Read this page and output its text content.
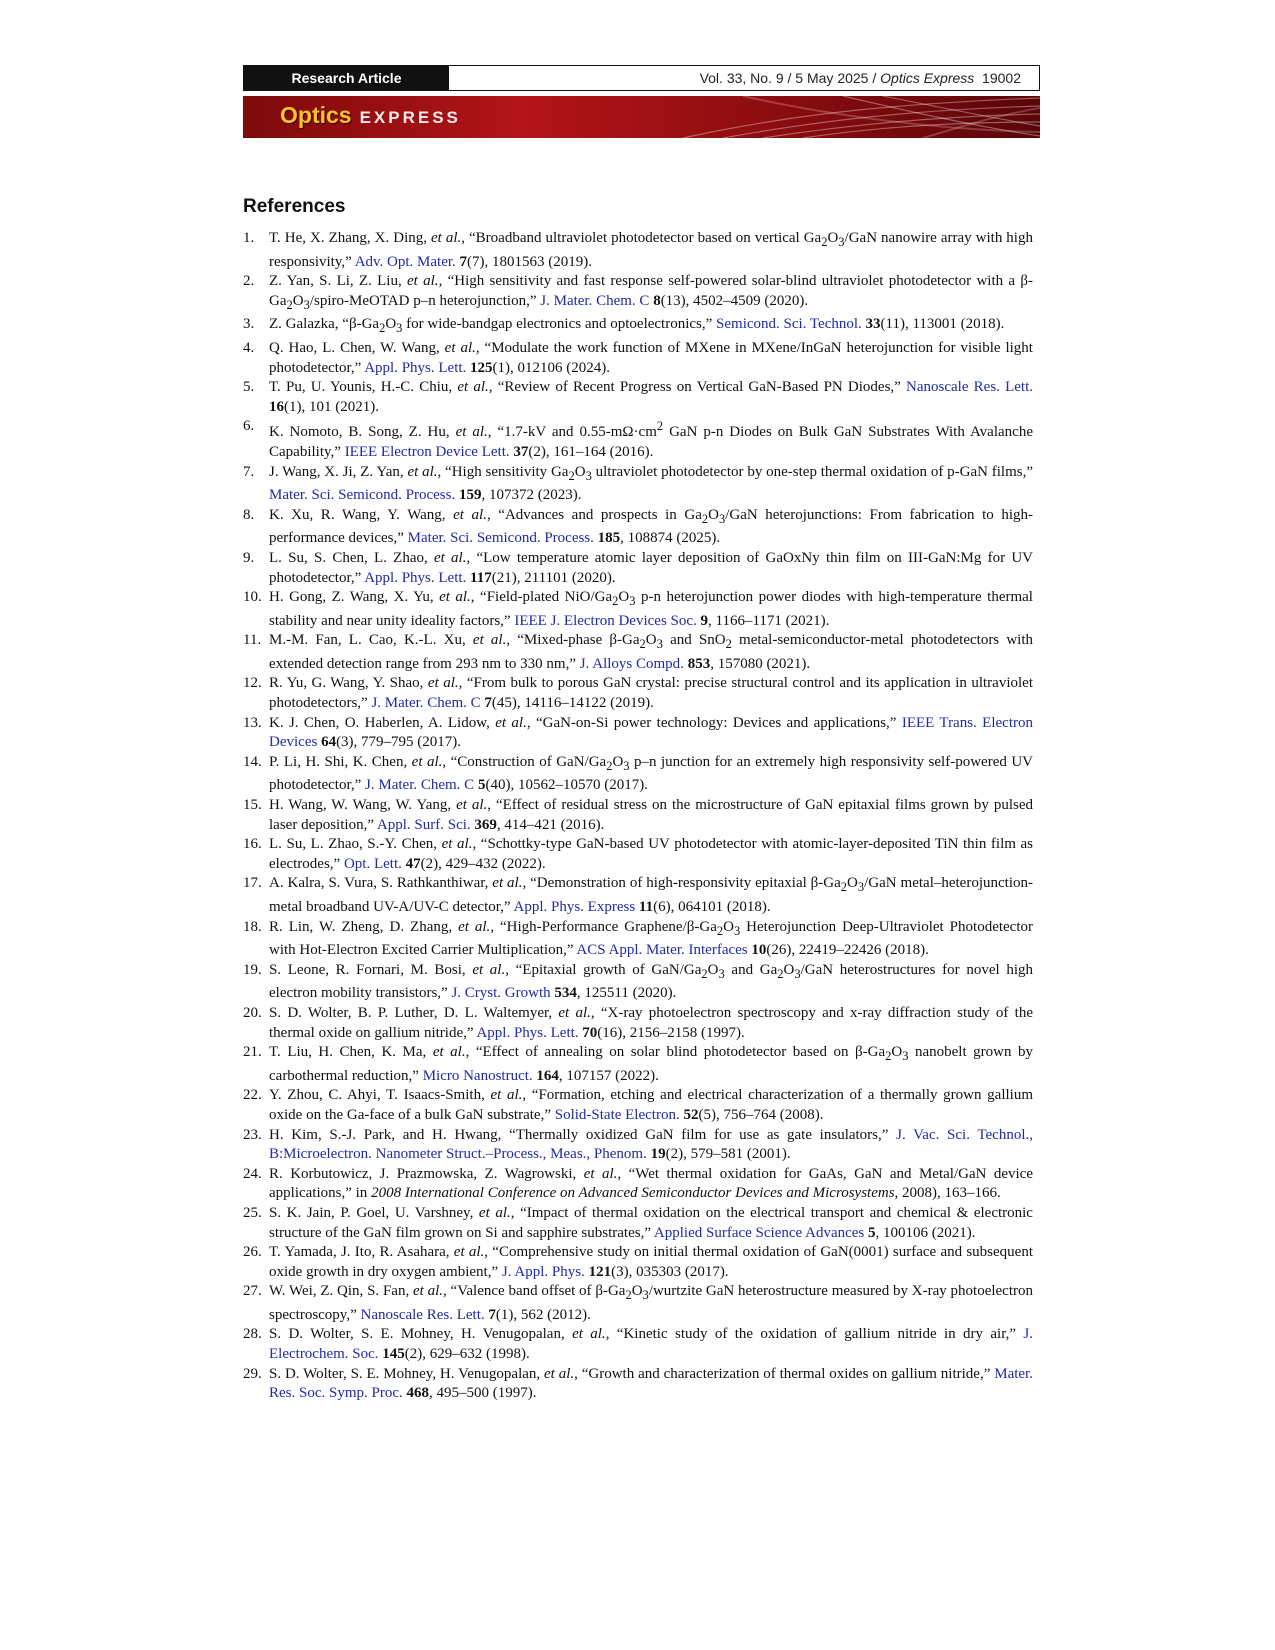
Research Article	Vol. 33, No. 9 / 5 May 2025 / Optics Express 19002
Optics EXPRESS
References
1. T. He, X. Zhang, X. Ding, et al., “Broadband ultraviolet photodetector based on vertical $Ga_2O_3$/GaN nanowire array with high responsivity,” Adv. Opt. Mater. 7(7), 1801563 (2019).
2. Z. Yan, S. Li, Z. Liu, et al., “High sensitivity and fast response self-powered solar-blind ultraviolet photodetector with a $\beta-Ga_2O_3/spiro$-MeOTAD p–n heterojunction,” J. Mater. Chem. C 8(13), 4502–4509 (2020).
3. Z. Galazka, “$\beta-Ga_2O_3$ for wide-bandgap electronics and optoelectronics,” Semicond. Sci. Technol. 33(11), 113001 (2018).
4. Q. Hao, L. Chen, W. Wang, et al., “Modulate the work function of MXene in MXene/InGaN heterojunction for visible light photodetector,” Appl. Phys. Lett. 125(1), 012106 (2024).
5. T. Pu, U. Younis, H.-C. Chiu, et al., “Review of Recent Progress on Vertical GaN-Based PN Diodes,” Nanoscale Res. Lett. 16(1), 101 (2021).
6. K. Nomoto, B. Song, Z. Hu, et al., “1.7-kV and $0.55-m\Omega\cdot cm^2$ GaN p-n Diodes on Bulk GaN Substrates With Avalanche Capability,” IEEE Electron Device Lett. 37(2), 161–164 (2016).
7. J. Wang, X. Ji, Z. Yan, et al., “High sensitivity $Ga_2O_3$ ultraviolet photodetector by one-step thermal oxidation of p-GaN films,” Mater. Sci. Semicond. Process. 159, 107372 (2023).
8. K. Xu, R. Wang, Y. Wang, et al., “Advances and prospects in $Ga_2O_3$/GaN heterojunctions: From fabrication to high-performance devices,” Mater. Sci. Semicond. Process. 185, 108874 (2025).
9. L. Su, S. Chen, L. Zhao, et al., “Low temperature atomic layer deposition of GaOxNy thin film on III-GaN:Mg for UV photodetector,” Appl. Phys. Lett. 117(21), 211101 (2020).
10. H. Gong, Z. Wang, X. Yu, et al., “Field-plated NiO/$Ga_2O_3$ p-n heterojunction power diodes with high-temperature thermal stability and near unity ideality factors,” IEEE J. Electron Devices Soc. 9, 1166–1171 (2021).
11. M.-M. Fan, L. Cao, K.-L. Xu, et al., “Mixed-phase $\beta-Ga_2O_3$ and SnO$_2$ metal-semiconductor-metal photodetectors with extended detection range from 293 nm to 330 nm,” J. Alloys Compd. 853, 157080 (2021).
12. R. Yu, G. Wang, Y. Shao, et al., “From bulk to porous GaN crystal: precise structural control and its application in ultraviolet photodetectors,” J. Mater. Chem. C 7(45), 14116–14122 (2019).
13. K. J. Chen, O. Haberlen, A. Lidow, et al., “GaN-on-Si power technology: Devices and applications,” IEEE Trans. Electron Devices 64(3), 779–795 (2017).
14. P. Li, H. Shi, K. Chen, et al., “Construction of GaN/$Ga_2O_3$ p–n junction for an extremely high responsivity self-powered UV photodetector,” J. Mater. Chem. C 5(40), 10562–10570 (2017).
15. H. Wang, W. Wang, W. Yang, et al., “Effect of residual stress on the microstructure of GaN epitaxial films grown by pulsed laser deposition,” Appl. Surf. Sci. 369, 414–421 (2016).
16. L. Su, L. Zhao, S.-Y. Chen, et al., “Schottky-type GaN-based UV photodetector with atomic-layer-deposited TiN thin film as electrodes,” Opt. Lett. 47(2), 429–432 (2022).
17. A. Kalra, S. Vura, S. Rathkanthiwar, et al., “Demonstration of high-responsivity epitaxial $\beta-Ga_2O_3$/GaN metal–heterojunction-metal broadband UV-A/UV-C detector,” Appl. Phys. Express 11(6), 064101 (2018).
18. R. Lin, W. Zheng, D. Zhang, et al., “High-Performance Graphene/$\beta-Ga_2O_3$ Heterojunction Deep-Ultraviolet Photodetector with Hot-Electron Excited Carrier Multiplication,” ACS Appl. Mater. Interfaces 10(26), 22419–22426 (2018).
19. S. Leone, R. Fornari, M. Bosi, et al., “Epitaxial growth of GaN/$Ga_2O_3$ and $Ga_2O_3$/GaN heterostructures for novel high electron mobility transistors,” J. Cryst. Growth 534, 125511 (2020).
20. S. D. Wolter, B. P. Luther, D. L. Waltemyer, et al., “X-ray photoelectron spectroscopy and x-ray diffraction study of the thermal oxide on gallium nitride,” Appl. Phys. Lett. 70(16), 2156–2158 (1997).
21. T. Liu, H. Chen, K. Ma, et al., “Effect of annealing on solar blind photodetector based on $\beta-Ga_2O_3$ nanobelt grown by carbothermal reduction,” Micro Nanostruct. 164, 107157 (2022).
22. Y. Zhou, C. Ahyi, T. Isaacs-Smith, et al., “Formation, etching and electrical characterization of a thermally grown gallium oxide on the Ga-face of a bulk GaN substrate,” Solid-State Electron. 52(5), 756–764 (2008).
23. H. Kim, S.-J. Park, and H. Hwang, “Thermally oxidized GaN film for use as gate insulators,” J. Vac. Sci. Technol., B:Microelectron. Nanometer Struct.–Process., Meas., Phenom. 19(2), 579–581 (2001).
24. R. Korbutowicz, J. Prazmowska, Z. Wagrowski, et al., “Wet thermal oxidation for GaAs, GaN and Metal/GaN device applications,” in 2008 International Conference on Advanced Semiconductor Devices and Microsystems, 2008), 163–166.
25. S. K. Jain, P. Goel, U. Varshney, et al., “Impact of thermal oxidation on the electrical transport and chemical & electronic structure of the GaN film grown on Si and sapphire substrates,” Applied Surface Science Advances 5, 100106 (2021).
26. T. Yamada, J. Ito, R. Asahara, et al., “Comprehensive study on initial thermal oxidation of GaN(0001) surface and subsequent oxide growth in dry oxygen ambient,” J. Appl. Phys. 121(3), 035303 (2017).
27. W. Wei, Z. Qin, S. Fan, et al., “Valence band offset of $\beta-Ga_2O_3$/wurtzite GaN heterostructure measured by X-ray photoelectron spectroscopy,” Nanoscale Res. Lett. 7(1), 562 (2012).
28. S. D. Wolter, S. E. Mohney, H. Venugopalan, et al., “Kinetic study of the oxidation of gallium nitride in dry air,” J. Electrochem. Soc. 145(2), 629–632 (1998).
29. S. D. Wolter, S. E. Mohney, H. Venugopalan, et al., “Growth and characterization of thermal oxides on gallium nitride,” Mater. Res. Soc. Symp. Proc. 468, 495–500 (1997).
